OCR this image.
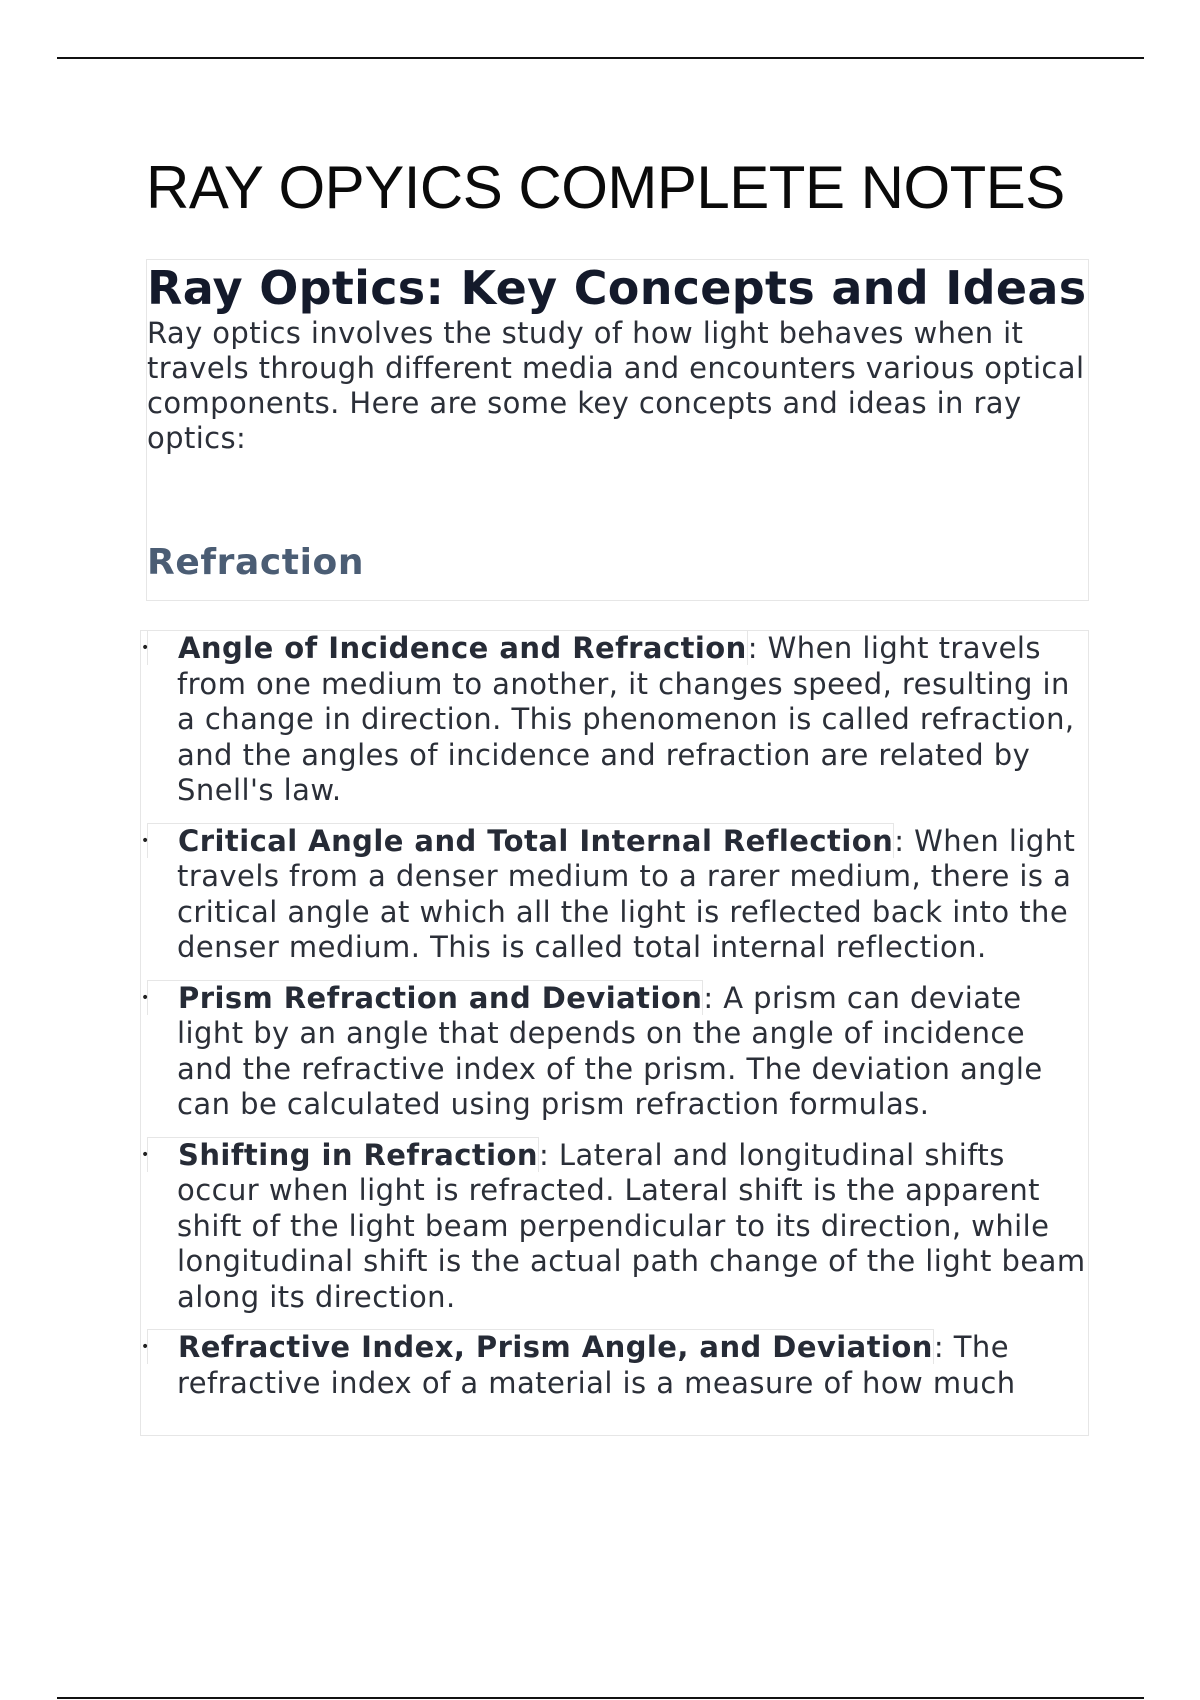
RAY OPYICS COMPLETE NOTES
Ray Optics: Key Concepts and Ideas

Ray optics involves the study of how light behaves when it travels through different media and encounters various optical components. Here are some key concepts and ideas in ray optics:

Refraction
• Angle of Incidence and Refraction: When light travels from one medium to another, it changes speed, resulting in a change in direction. This phenomenon is called refraction, and the angles of incidence and refraction are related by Snell's law.
• Critical Angle and Total Internal Reflection: When light travels from a denser medium to a rarer medium, there is a critical angle at which all the light is reflected back into the denser medium. This is called total internal reflection.
• Prism Refraction and Deviation: A prism can deviate light by an angle that depends on the angle of incidence and the refractive index of the prism. The deviation angle can be calculated using prism refraction formulas.
• Shifting in Refraction: Lateral and longitudinal shifts occur when light is refracted. Lateral shift is the apparent shift of the light beam perpendicular to its direction, while longitudinal shift is the actual path change of the light beam along its direction.
• Refractive Index, Prism Angle, and Deviation: The refractive index of a material is a measure of how much
